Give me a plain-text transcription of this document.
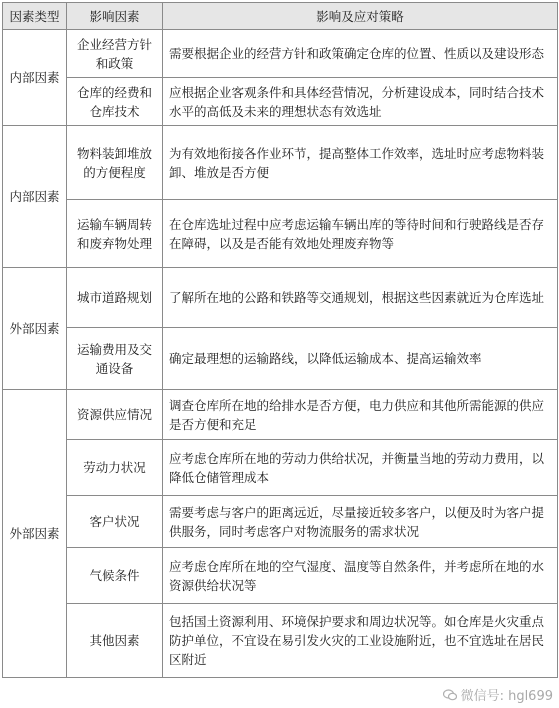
因素类型	影响因素	影响及应对策略
内部因素	企业经营方针和政策	需要根据企业的经营方针和政策确定仓库的位置、性质以及建设形态
	仓库的经费和仓库技术	应根据企业客观条件和具体经营情况，分析建设成本，同时结合技术水平的高低及未来的理想状态有效选址
内部因素	物料装卸堆放的方便程度	为有效地衔接各作业环节，提高整体工作效率，选址时应考虑物料装卸、堆放是否方便
	运输车辆周转和废弃物处理	在仓库选址过程中应考虑运输车辆出库的等待时间和行驶路线是否存在障碍，以及是否能有效地处理废弃物等
外部因素	城市道路规划	了解所在地的公路和铁路等交通规划，根据这些因素就近为仓库选址
	运输费用及交通设备	确定最理想的运输路线，以降低运输成本、提高运输效率
外部因素	资源供应情况	调查仓库所在地的给排水是否方便，电力供应和其他所需能源的供应是否方便和充足
	劳动力状况	应考虑仓库所在地的劳动力供给状况，并衡量当地的劳动力费用，以降低仓储管理成本
	客户状况	需要考虑与客户的距离远近，尽量接近较多客户，以便及时为客户提供服务，同时考虑客户对物流服务的需求状况
	气候条件	应考虑仓库所在地的空气湿度、温度等自然条件，并考虑所在地的水资源供给状况等
	其他因素	包括国土资源利用、环境保护要求和周边状况等。如仓库是火灾重点防护单位，不宜设在易引发火灾的工业设施附近，也不宜选址在居民区附近
微信号: hgl699
